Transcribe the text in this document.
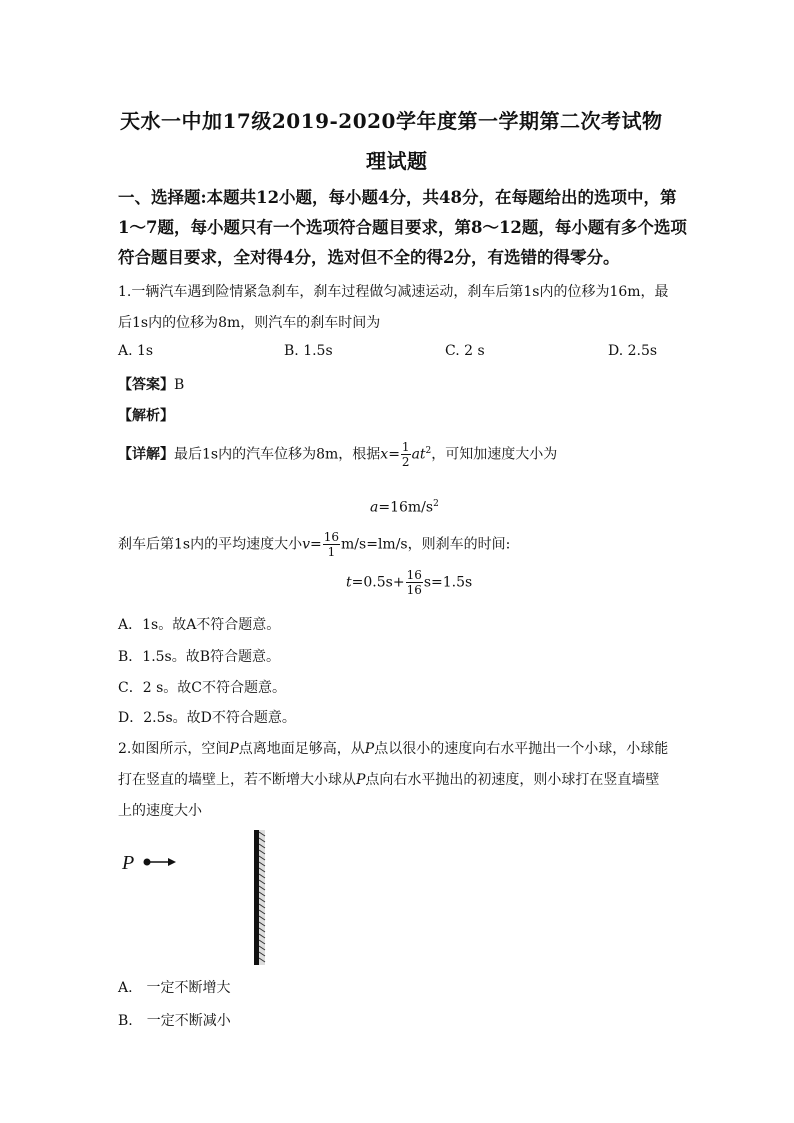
天水一中加17级2019-2020学年度第一学期第二次考试物
理试题
一、选择题:本题共12小题，每小题4分，共48分，在每题给出的选项中，第
1～7题，每小题只有一个选项符合题目要求，第8～12题，每小题有多个选项
符合题目要求，全对得4分，选对但不全的得2分，有选错的得零分。
1.一辆汽车遇到险情紧急刹车，刹车过程做匀减速运动，刹车后第1s内的位移为16m，最
后1s内的位移为8m，则汽车的刹车时间为
A. 1s	B. 1.5s	C. 2 s	D. 2.5s
【答案】B
【解析】
【详解】最后1s内的汽车位移为8m，根据$x= \frac{1}{2} at^2$，可知加速度大小为
$a=16m/s^2$
刹车后第1s内的平均速度大小$v= \frac{16}{1} m/s=lm/s$，则刹车的时间:
$t=0.5s+ \frac{16}{16} s=1.5s$
A．1s。故A不符合题意。
B．1.5s。故B符合题意。
C．2 s。故C不符合题意。
D．2.5s。故D不符合题意。
2.如图所示，空间P点离地面足够高，从P点以很小的速度向右水平抛出一个小球，小球能
打在竖直的墙壁上，若不断增大小球从P点向右水平抛出的初速度，则小球打在竖直墙壁
上的速度大小
P
A.　一定不断增大
B.　一定不断减小
